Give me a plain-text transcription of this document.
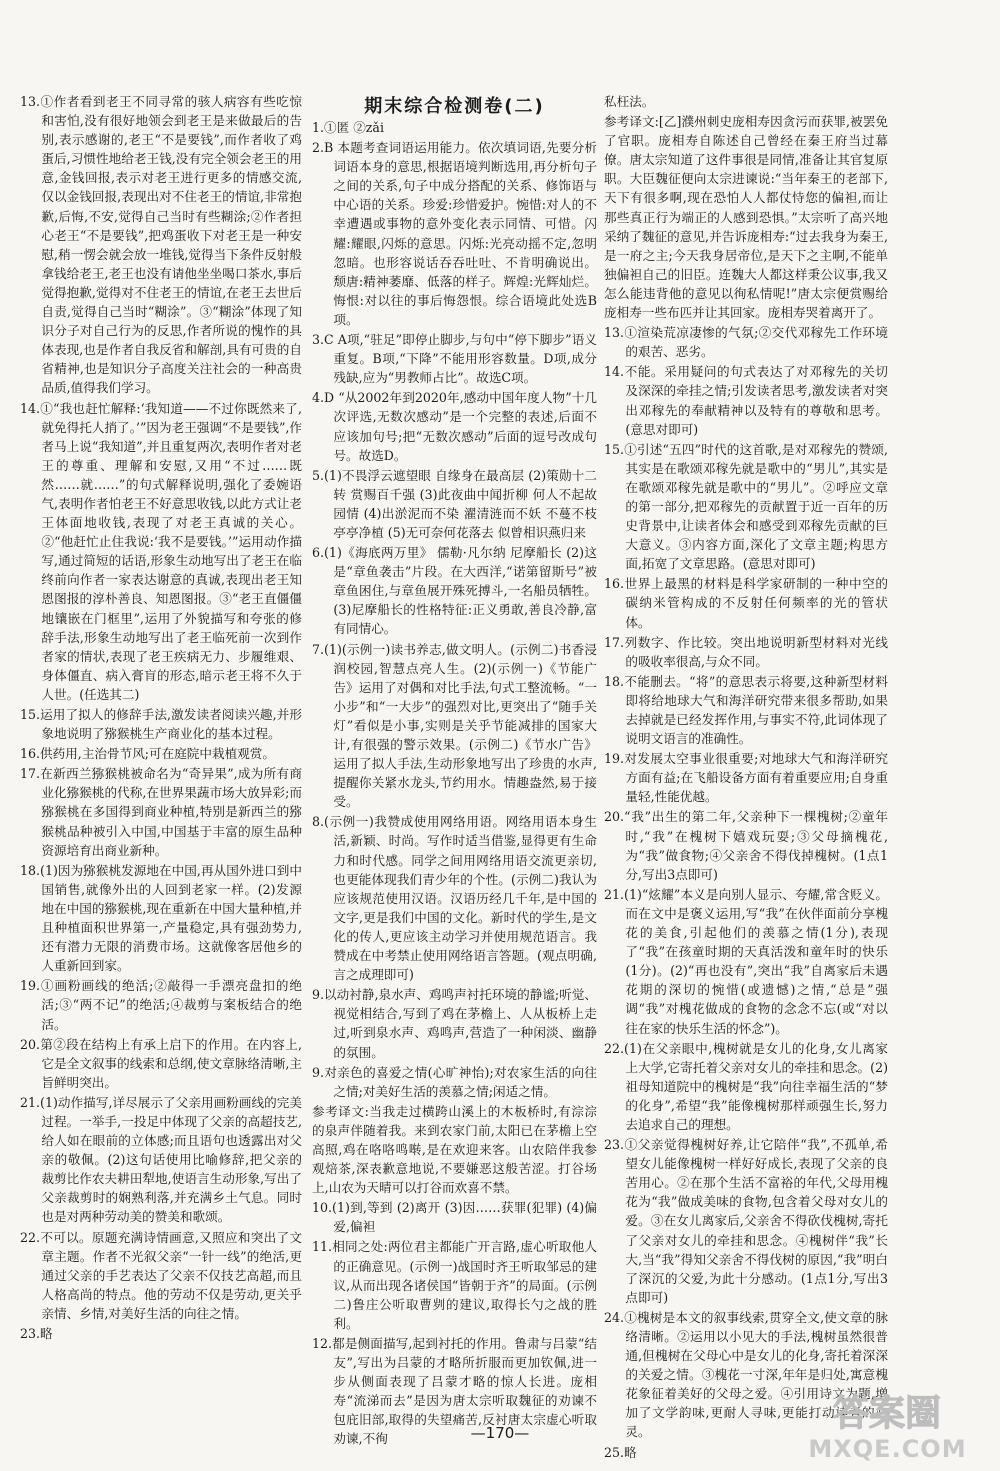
期末综合检测卷(二)
13.①作者看到老王不同寻常的骇人病容有些吃惊和害怕,没有很好地领会到老王是来做最后的告别,表示感谢的,老王“不是要钱”,而作者收了鸡蛋后,习惯性地给老王钱,没有完全领会老王的用意,金钱回报,表示对老王进行更多的情感交流,仅以金钱回报,表现出对不住老王的情谊,非常抱歉,后悔,不安,觉得自己当时有些糊涂;②作者担心老王“不是要钱”,把鸡蛋收下对老王是一种安慰,稍一愣会就会放一堆钱,觉得当下条件反射般拿钱给老王,老王也没有请他坐坐喝口茶水,事后觉得抱歉,觉得对不住老王的情谊,在老王去世后自责,觉得自己当时“糊涂”。③“糊涂”体现了知识分子对自己行为的反思,作者所说的愧怍的具体表现,也是作者自我反省和解剖,具有可贵的自省精神,也是知识分子高度关注社会的一种高贵品质,值得我们学习。
14.①“我也赶忙解释:‘我知道——不过你既然来了,就免得托人捎了。’”因为老王强调“不是要钱”,作者马上说“我知道”,并且重复两次,表明作者对老王的尊重、理解和安慰,又用“不过……既然……就……”的句式解释说明,强化了委婉语气,表明作者怕老王不好意思收钱,以此方式让老王体面地收钱,表现了对老王真诚的关心。②“他赶忙止住我说:‘我不是要钱。’”运用动作描写,通过简短的话语,形象生动地写出了老王在临终前向作者一家表达谢意的真诚,表现出老王知恩图报的淳朴善良、知恩图报。③“老王直僵僵地镶嵌在门框里”,运用了外貌描写和夸张的修辞手法,形象生动地写出了老王临死前一次到作者家的情状,表现了老王疾病无力、步履维艰、身体僵直、病入膏肓的形态,暗示老王将不久于人世。(任选其二)
15.运用了拟人的修辞手法,激发读者阅读兴趣,并形象地说明了猕猴桃生产商业化的基本过程。
16.供药用,主治骨节风;可在庭院中栽植观赏。
17.在新西兰猕猴桃被命名为“奇异果”,成为所有商业化猕猴桃的代称,在世界果蔬市场大放异彩;而猕猴桃在多国得到商业种植,特别是新西兰的猕猴桃品种被引入中国,中国基于丰富的原生品种资源培育出商业新种。
18.(1)因为猕猴桃发源地在中国,再从国外进口到中国销售,就像外出的人回到老家一样。(2)发源地在中国的猕猴桃,现在重新在中国大量种植,并且种植面积世界第一,产量稳定,具有强劲势力,还有潜力无限的消费市场。这就像客居他乡的人重新回到家。
19.①画粉画线的绝活;②敲得一手漂亮盘扣的绝活;③“两不记”的绝活;④裁剪与案板结合的绝活。
20.第②段在结构上有承上启下的作用。在内容上,它是全文叙事的线索和总纲,使文章脉络清晰,主旨鲜明突出。
21.(1)动作描写,详尽展示了父亲用画粉画线的完美过程。一举手,一投足中体现了父亲的高超技艺,给人如在眼前的立体感;而且语句也透露出对父亲的敬佩。(2)这句话使用比喻修辞,把父亲的裁剪比作农夫耕田犁地,使语言生动形象,写出了父亲裁剪时的娴熟利落,并充满乡土气息。同时也是对两种劳动美的赞美和歌颂。
22.不可以。原题充满诗情画意,又照应和突出了文章主题。作者不光叙父亲“一针一线”的绝活,更通过父亲的手艺表达了父亲不仅技艺高超,而且人格高尚的特点。他的劳动不仅是劳动,更关乎亲情、乡情,对美好生活的向往之情。
23.略
1.①匿 ②zǎi
2.B 本题考查词语运用能力。依次填词语,先要分析词语本身的意思,根据语境判断选用,再分析句子之间的关系,句子中成分搭配的关系、修饰语与中心语的关系。珍爱:珍惜爱护。惋惜:对人的不幸遭遇或事物的意外变化表示同情、可惜。闪耀:耀眼,闪烁的意思。闪烁:光亮动摇不定,忽明忽暗。也形容说话吞吞吐吐、不肯明确说出。颓唐:精神萎靡、低落的样子。辉煌:光辉灿烂。悔恨:对以往的事后悔怨恨。综合语境此处选B项。
3.C A项,“驻足”即停止脚步,与句中“停下脚步”语义重复。B项,“下降”不能用形容数量。D项,成分残缺,应为“男教师占比”。故选C项。
4.D “从2002年到2020年,感动中国年度人物”十几次评选,无数次感动”是一个完整的表述,后面不应该加句号;把“无数次感动”后面的逗号改成句号。故选D。
5.(1)不畏浮云遮望眼 自缘身在最高层 (2)策勋十二转 赏赐百千强 (3)此夜曲中闻折柳 何人不起故园情 (4)出淤泥而不染 濯清涟而不妖 不蔓不枝 亭亭净植 (5)无可奈何花落去 似曾相识燕归来
6.(1)《海底两万里》 儒勒·凡尔纳 尼摩船长 (2)这是“章鱼袭击”片段。在大西洋,“诺第留斯号”被章鱼困住,与章鱼展开殊死搏斗,一名船员牺牲。(3)尼摩船长的性格特征:正义勇敢,善良冷静,富有同情心。
7.(1)(示例一)读书养志,做文明人。(示例二)书香浸润校园,智慧点亮人生。(2)(示例一)《节能广告》运用了对偶和对比手法,句式工整流畅。“一小步”和“一大步”的强烈对比,更突出了“随手关灯”看似是小事,实则是关乎节能减排的国家大计,有很强的警示效果。(示例二)《节水广告》运用了拟人手法,生动形象地写出了珍贵的水声,提醒你关紧水龙头,节约用水。情趣盎然,易于接受。
8.(示例一)我赞成使用网络用语。网络用语本身生活,新颖、时尚。写作时适当借鉴,显得更有生命力和时代感。同学之间用网络用语交流更亲切,也更能体现我们青少年的个性。(示例二)我认为应该规范使用汉语。汉语历经几千年,是中国的文字,更是我们中国的文化。新时代的学生,是文化的传人,更应该主动学习并使用规范语言。我赞成在中考禁止使用网络语言答题。(观点明确,言之成理即可)
9.以动衬静,泉水声、鸡鸣声衬托环境的静谧;听觉、视觉相结合,写到了鸡在茅檐上、人从板桥上走过,听到泉水声、鸡鸣声,营造了一种闲淡、幽静的氛围。
9.对亲色的喜爱之情(心旷神怡);对农家生活的向往之情;对美好生活的羡慕之情;闲适之情。
参考译文:当我走过横跨山溪上的木板桥时,有淙淙的泉声伴随着我。来到农家门前,太阳已在茅檐上空高照,鸡在咯咯鸣啭,是在欢迎来客。山农陪伴我参观焙茶,深表歉意地说,不要嫌恶这般苦涩。打谷场上,山农为天晴可以打谷而欢喜不禁。
10.(1)到,等到 (2)离开 (3)因……获罪(犯罪) (4)偏爱,偏袒
11.相同之处:两位君主都能广开言路,虚心听取他人的正确意见。(示例一)战国时齐王听取邹忌的建议,从而出现各诸侯国“皆朝于齐”的局面。(示例二)鲁庄公听取曹刿的建议,取得长勺之战的胜利。
12.都是侧面描写,起到衬托的作用。鲁肃与吕蒙“结友”,写出为吕蒙的才略所折服而更加钦佩,进一步从侧面表现了吕蒙才略的惊人长进。庞相寿“流涕而去”是因为唐太宗听取魏征的劝谏不包庇旧部,取得的失望痛苦,反衬唐太宗虚心听取劝谏,不徇
私枉法。
参考译文:[乙]濮州刺史庞相寿因贪污而获罪,被罢免了官职。庞相寿自陈述自己曾经在秦王府当过幕僚。唐太宗知道了这件事很是同情,准备让其官复原职。大臣魏征便向太宗进谏说:“当年秦王的老部下,天下有很多啊,现在恐怕人人都仗恃您的偏袒,而让那些真正行为端正的人感到恐惧。”太宗听了高兴地采纳了魏征的意见,并告诉庞相寿:“过去我身为秦王,是一府之主;今天我身居帝位,是天下之主啊,不能单独偏袒自己的旧臣。连魏大人都这样秉公议事,我又怎么能违背他的意见以徇私情呢!”唐太宗便赏赐给庞相寿一些布匹并让其回家。庞相寿哭着离开了。
13.①渲染荒凉凄惨的气氛;②交代邓稼先工作环境的艰苦、恶劣。
14.不能。采用疑问的句式表达了对邓稼先的关切及深深的牵挂之情;引发读者思考,激发读者对突出邓稼先的奉献精神以及特有的尊敬和思考。(意思对即可)
15.①引述“五四”时代的这首歌,是对邓稼先的赞颂,其实是在歌颂邓稼先就是歌中的“男儿”,其实是在歌颂邓稼先就是歌中的“男儿”。②呼应文章的第一部分,把邓稼先的贡献置于近一百年的历史背景中,让读者体会和感受到邓稼先贡献的巨大意义。③内容方面,深化了文章主题;构思方面,拓宽了文章思路。(意思对即可)
16.世界上最黑的材料是科学家研制的一种中空的碳纳米管构成的不反射任何频率的光的管状体。
17.列数字、作比较。突出地说明新型材料对光线的吸收率很高,与众不同。
18.不能删去。“将”的意思表示将要,这种新型材料即将给地球大气和海洋研究带来很多帮助,如果去掉就是已经发挥作用,与事实不符,此词体现了说明文语言的准确性。
19.对发展太空事业很重要;对地球大气和海洋研究方面有益;在飞船设备方面有着重要应用;自身重量轻,性能优越。
20.“我”出生的第二年,父亲种下一棵槐树;②童年时,“我”在槐树下嬉戏玩耍;③父母摘槐花,为“我”做食物;④父亲舍不得伐掉槐树。(1点1分,写出3点即可)
21.(1)“炫耀”本义是向别人显示、夸耀,常含贬义。而在文中是褒义运用,写“我”在伙伴面前分享槐花的美食,引起他们的羡慕之情(1分),表现了“我”在孩童时期的天真活泼和童年时的快乐(1分)。(2)“再也没有”,突出“我”自离家后未遇花期的深切的惋惜(或遗憾)之情,“总是”强调“我”对槐花做成的食物的念念不忘(或“对以往在家的快乐生活的怀念”)。
22.(1)在父亲眼中,槐树就是女儿的化身,女儿离家上大学,它寄托着父亲对女儿的牵挂和思念。(2)祖母知道院中的槐树是“我”向往幸福生活的“梦的化身”,希望“我”能像槐树那样顽强生长,努力去追求自己的理想。
23.①父亲觉得槐树好养,让它陪伴“我”,不孤单,希望女儿能像槐树一样好好成长,表现了父亲的良苦用心。②在那个生活不富裕的年代,父母用槐花为“我”做成美味的食物,包含着父母对女儿的爱。③在女儿离家后,父亲舍不得砍伐槐树,寄托了父亲对女儿的牵挂和思念。④槐树伴“我”长大,当“我”得知父亲舍不得伐树的原因,“我”明白了深沉的父爱,为此十分感动。(1点1分,写出3点即可)
24.①槐树是本文的叙事线索,贯穿全文,使文章的脉络清晰。②运用以小见大的手法,槐树虽然很普通,但槐树在父母心中是女儿的化身,寄托着深深的关爱之情。③槐花一寸深,年年是归处,寓意槐花象征着美好的父母之爱。④引用诗文为题,增加了文学韵味,更耐人寻味,更能打动读者的心灵。
25.略
—170—	答案圈
MXQE.COM
